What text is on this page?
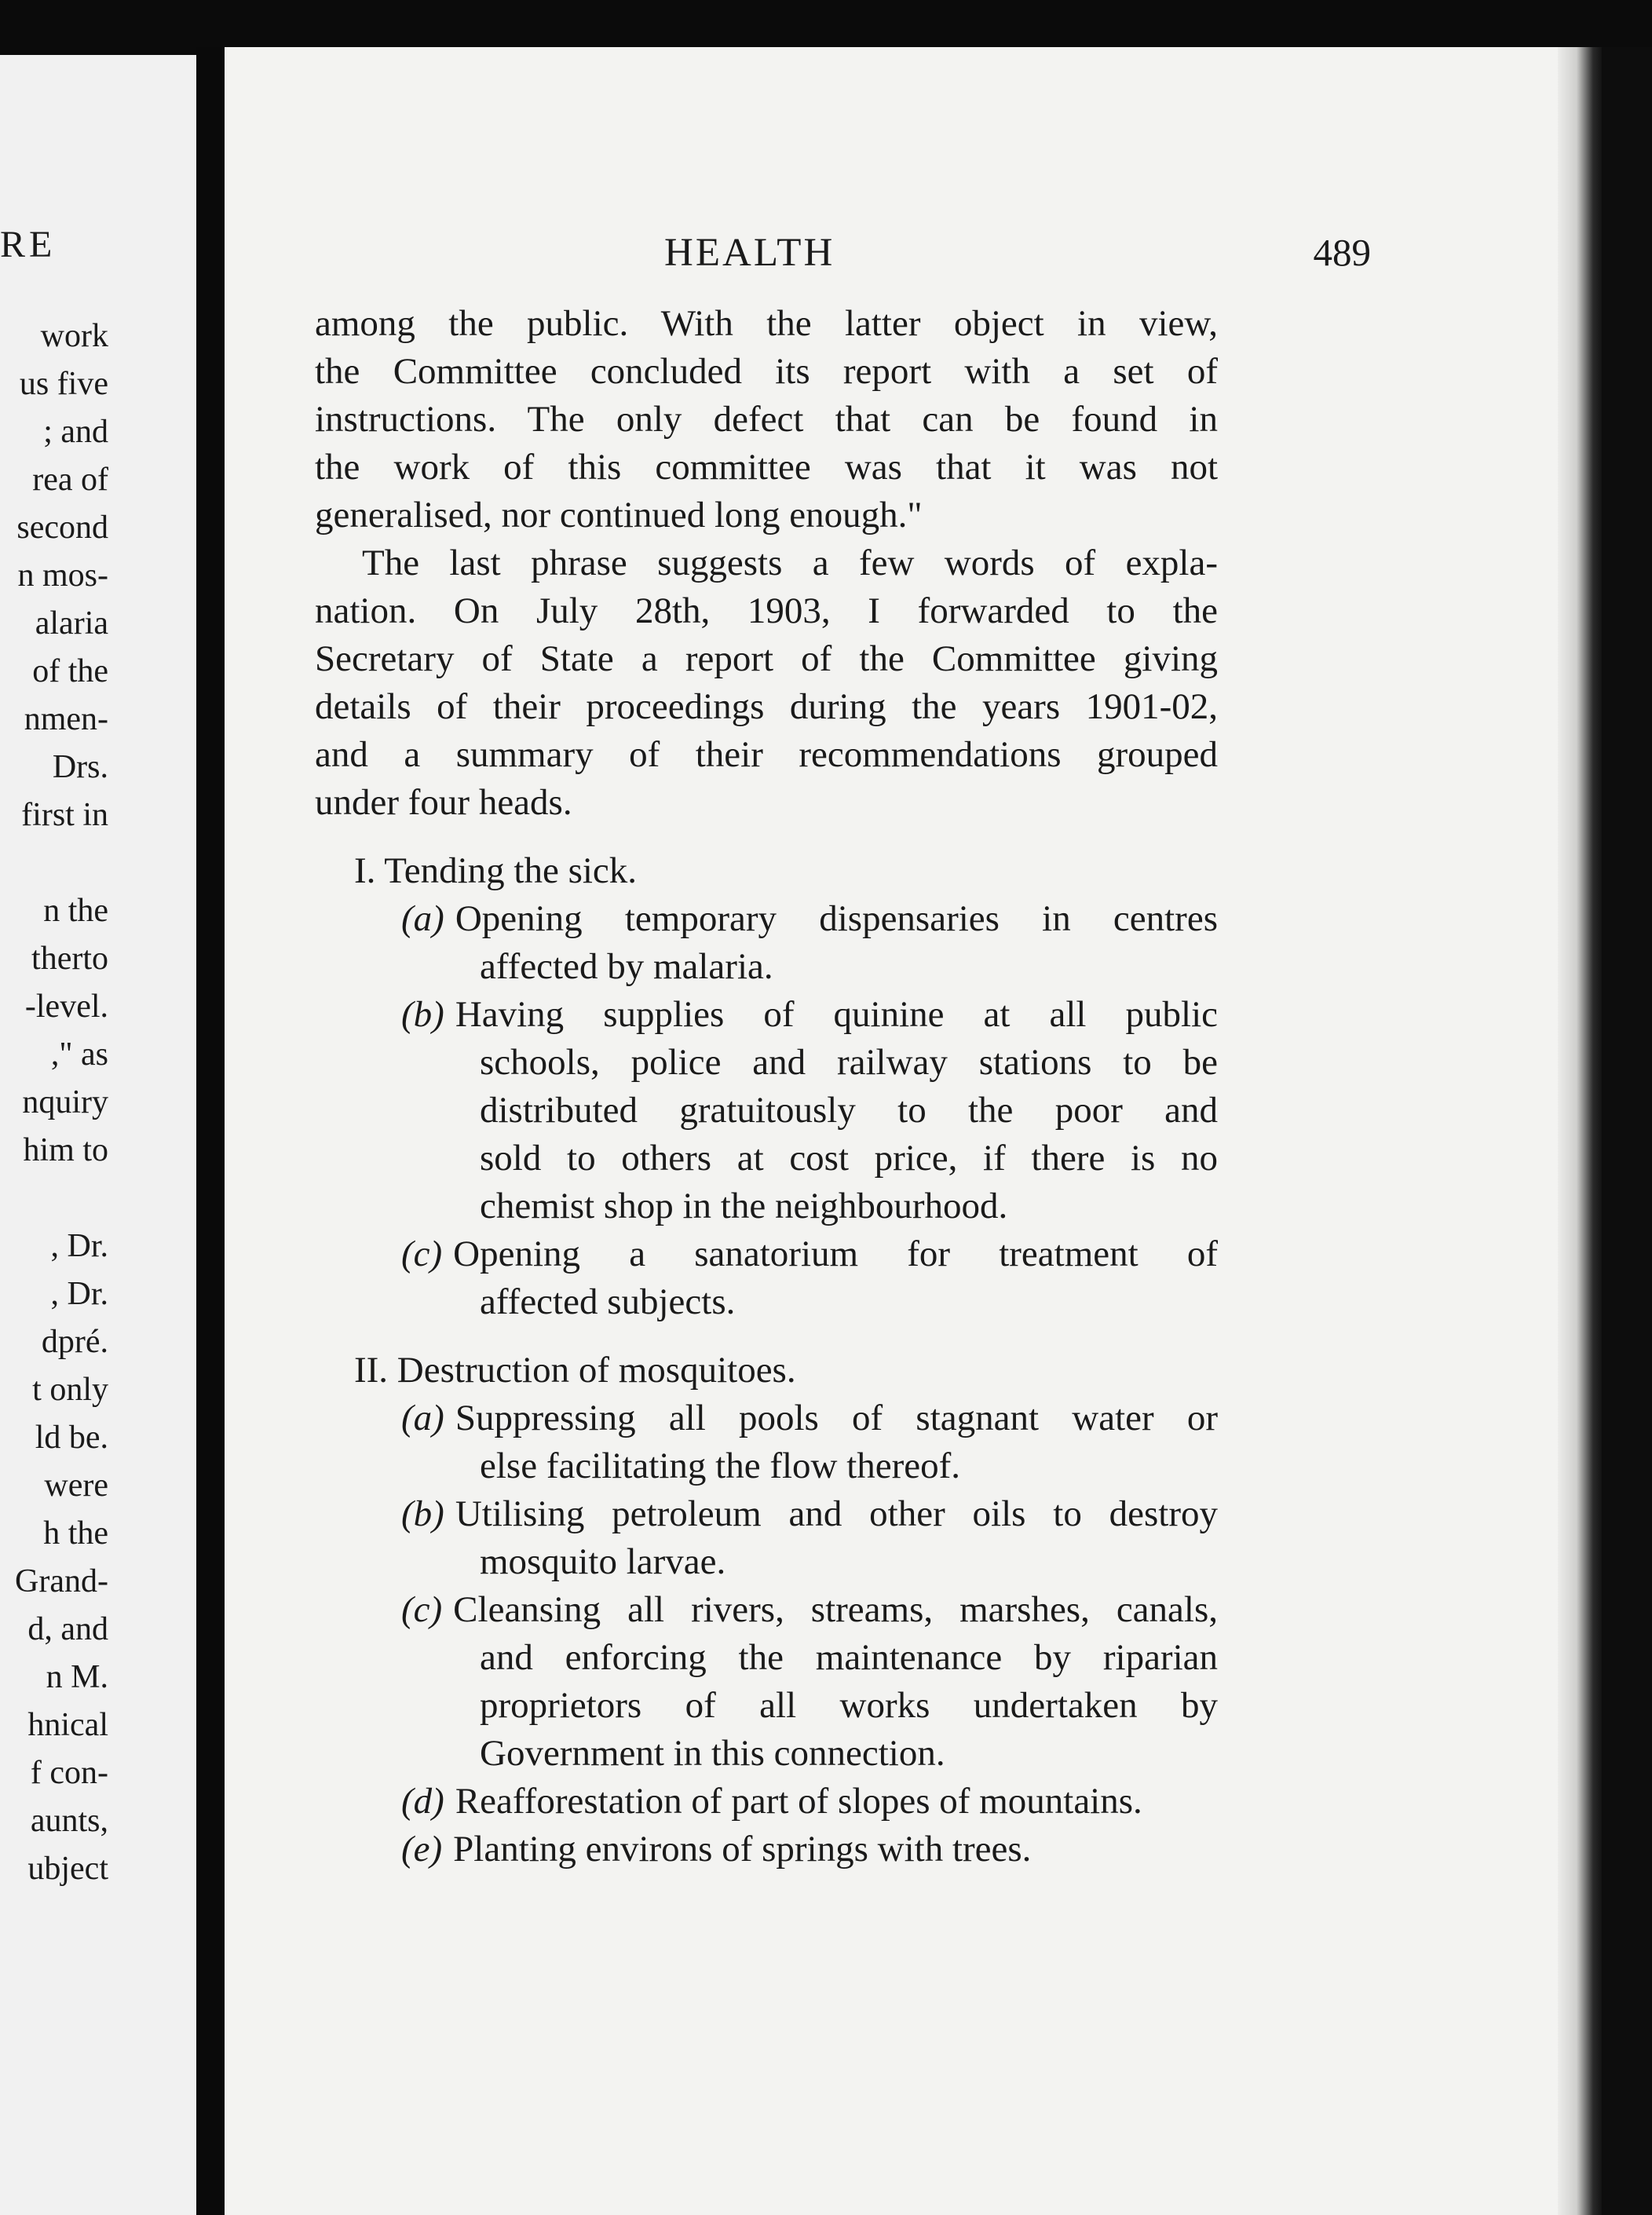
RE
work
us five
; and
rea of
second
n mos-
alaria
of the
nmen-
Drs.
first in
n the
therto
-level.
," as
nquiry
him to
, Dr.
, Dr.
dpré.
t only
ld be.
were
h the
Grand-
d, and
n M.
hnical
f con-
aunts,
ubject
HEALTH	489
among the public. With the latter object in view,
the Committee concluded its report with a set of
instructions. The only defect that can be found in
the work of this committee was that it was not
generalised, nor continued long enough."
The last phrase suggests a few words of expla-
nation. On July 28th, 1903, I forwarded to the
Secretary of State a report of the Committee giving
details of their proceedings during the years 1901-02,
and a summary of their recommendations grouped
under four heads.
I. Tending the sick.
(a) Opening temporary dispensaries in centres
affected by malaria.
(b) Having supplies of quinine at all public
schools, police and railway stations to be
distributed gratuitously to the poor and
sold to others at cost price, if there is no
chemist shop in the neighbourhood.
(c) Opening a sanatorium for treatment of
affected subjects.
II. Destruction of mosquitoes.
(a) Suppressing all pools of stagnant water or
else facilitating the flow thereof.
(b) Utilising petroleum and other oils to destroy
mosquito larvae.
(c) Cleansing all rivers, streams, marshes, canals,
and enforcing the maintenance by riparian
proprietors of all works undertaken by
Government in this connection.
(d) Reafforestation of part of slopes of mountains.
(e) Planting environs of springs with trees.
